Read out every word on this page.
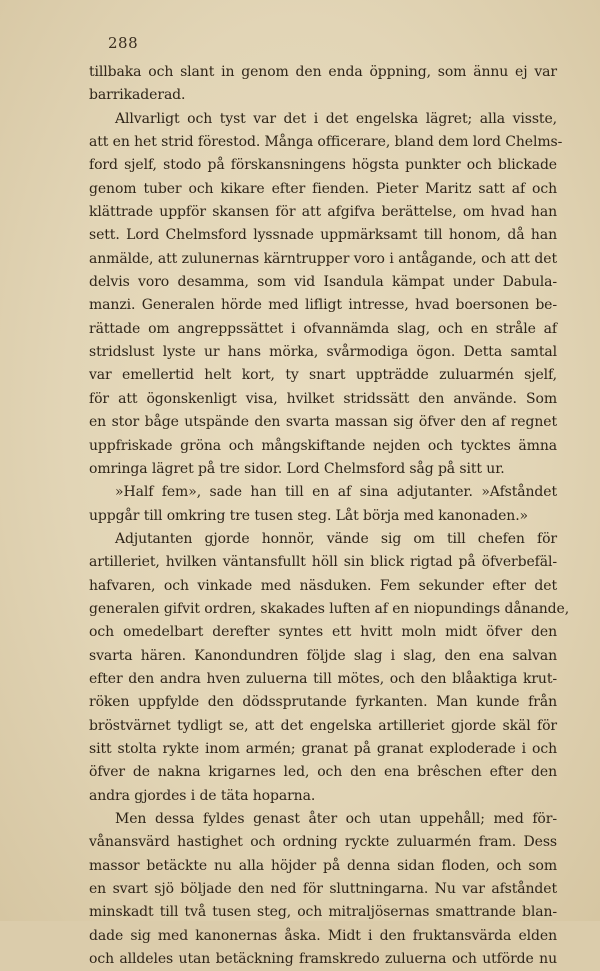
288
tillbaka och slant in genom den enda öppning, som ännu ej var
barrikaderad.
Allvarligt och tyst var det i det engelska lägret; alla visste,
att en het strid förestod. Många officerare, bland dem lord Chelms-
ford sjelf, stodo på förskansningens högsta punkter och blickade
genom tuber och kikare efter fienden. Pieter Maritz satt af och
klättrade uppför skansen för att afgifva berättelse, om hvad han
sett. Lord Chelmsford lyssnade uppmärksamt till honom, då han
anmälde, att zulunernas kärntrupper voro i antågande, och att det
delvis voro desamma, som vid Isandula kämpat under Dabula-
manzi. Generalen hörde med lifligt intresse, hvad boersonen be-
rättade om angreppssättet i ofvannämda slag, och en stråle af
stridslust lyste ur hans mörka, svårmodiga ögon. Detta samtal
var emellertid helt kort, ty snart uppträdde zuluarmén sjelf,
för att ögonskenligt visa, hvilket stridssätt den använde. Som
en stor båge utspände den svarta massan sig öfver den af regnet
uppfriskade gröna och mångskiftande nejden och tycktes ämna
omringa lägret på tre sidor. Lord Chelmsford såg på sitt ur.
»Half fem», sade han till en af sina adjutanter. »Afståndet
uppgår till omkring tre tusen steg. Låt börja med kanonaden.»
Adjutanten gjorde honnör, vände sig om till chefen för
artilleriet, hvilken väntansfullt höll sin blick rigtad på öfverbefäl-
hafvaren, och vinkade med näsduken. Fem sekunder efter det
generalen gifvit ordren, skakades luften af en niopundings dånande,
och omedelbart derefter syntes ett hvitt moln midt öfver den
svarta hären. Kanondundren följde slag i slag, den ena salvan
efter den andra hven zuluerna till mötes, och den blåaktiga krut-
röken uppfylde den dödssprutande fyrkanten. Man kunde från
bröstvärnet tydligt se, att det engelska artilleriet gjorde skäl för
sitt stolta rykte inom armén; granat på granat exploderade i och
öfver de nakna krigarnes led, och den ena brêschen efter den
andra gjordes i de täta hoparna.
Men dessa fyldes genast åter och utan uppehåll; med för-
vånansvärd hastighet och ordning ryckte zuluarmén fram. Dess
massor betäckte nu alla höjder på denna sidan floden, och som
en svart sjö böljade den ned för sluttningarna. Nu var afståndet
minskadt till två tusen steg, och mitraljösernas smattrande blan-
dade sig med kanonernas åska. Midt i den fruktansvärda elden
och alldeles utan betäckning framskredo zuluerna och utförde nu
